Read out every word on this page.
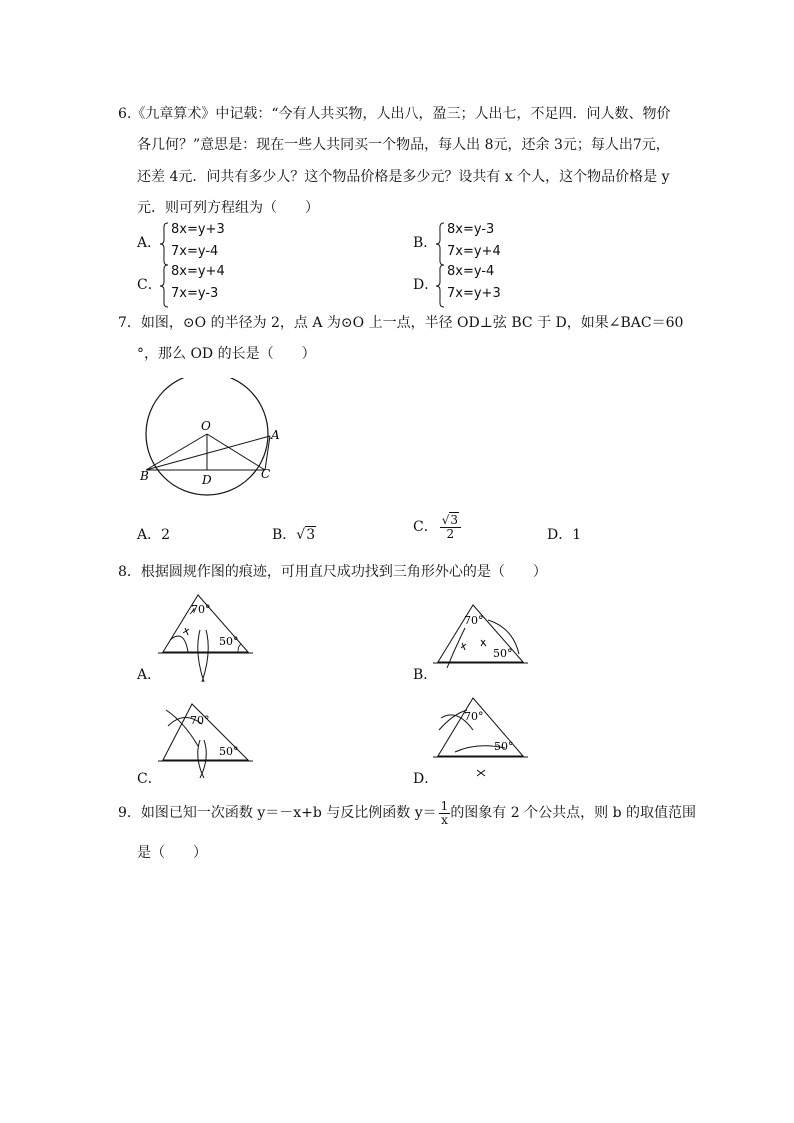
6.《九章算术》中记载：“今有人共买物，人出八，盈三；人出七，不足四．问人数、物价
各几何？”意思是：现在一些人共同买一个物品，每人出 8元，还余 3元；每人出7元，
还差 4元．问共有多少人？这个物品价格是多少元？设共有 x 个人，这个物品价格是 y
元．则可列方程组为（　　）
A．
8x=y+3
7x=y-4
B．
8x=y-3
7x=y+4
C．
8x=y+4
7x=y-3
D．
8x=y-4
7x=y+3
7．如图，⊙O 的半径为 2，点 A 为⊙O 上一点，半径 OD⊥弦 BC 于 D，如果∠BAC＝60
°，那么 OD 的长是（　　）
O
A
B	C
D
A．2	B．√3	C． $\frac{√3}{2}$	D．1
8．根据圆规作图的痕迹，可用直尺成功找到三角形外心的是（　　）
70°
50°
A．
70°
50°
B．
70°
50°
C．
70°
50°
D．
9．如图已知一次函数 y＝－x+b 与反比例函数 $y= \frac{1}{x}$ 的图象有 2 个公共点，则 b 的取值范围
是（　　）
